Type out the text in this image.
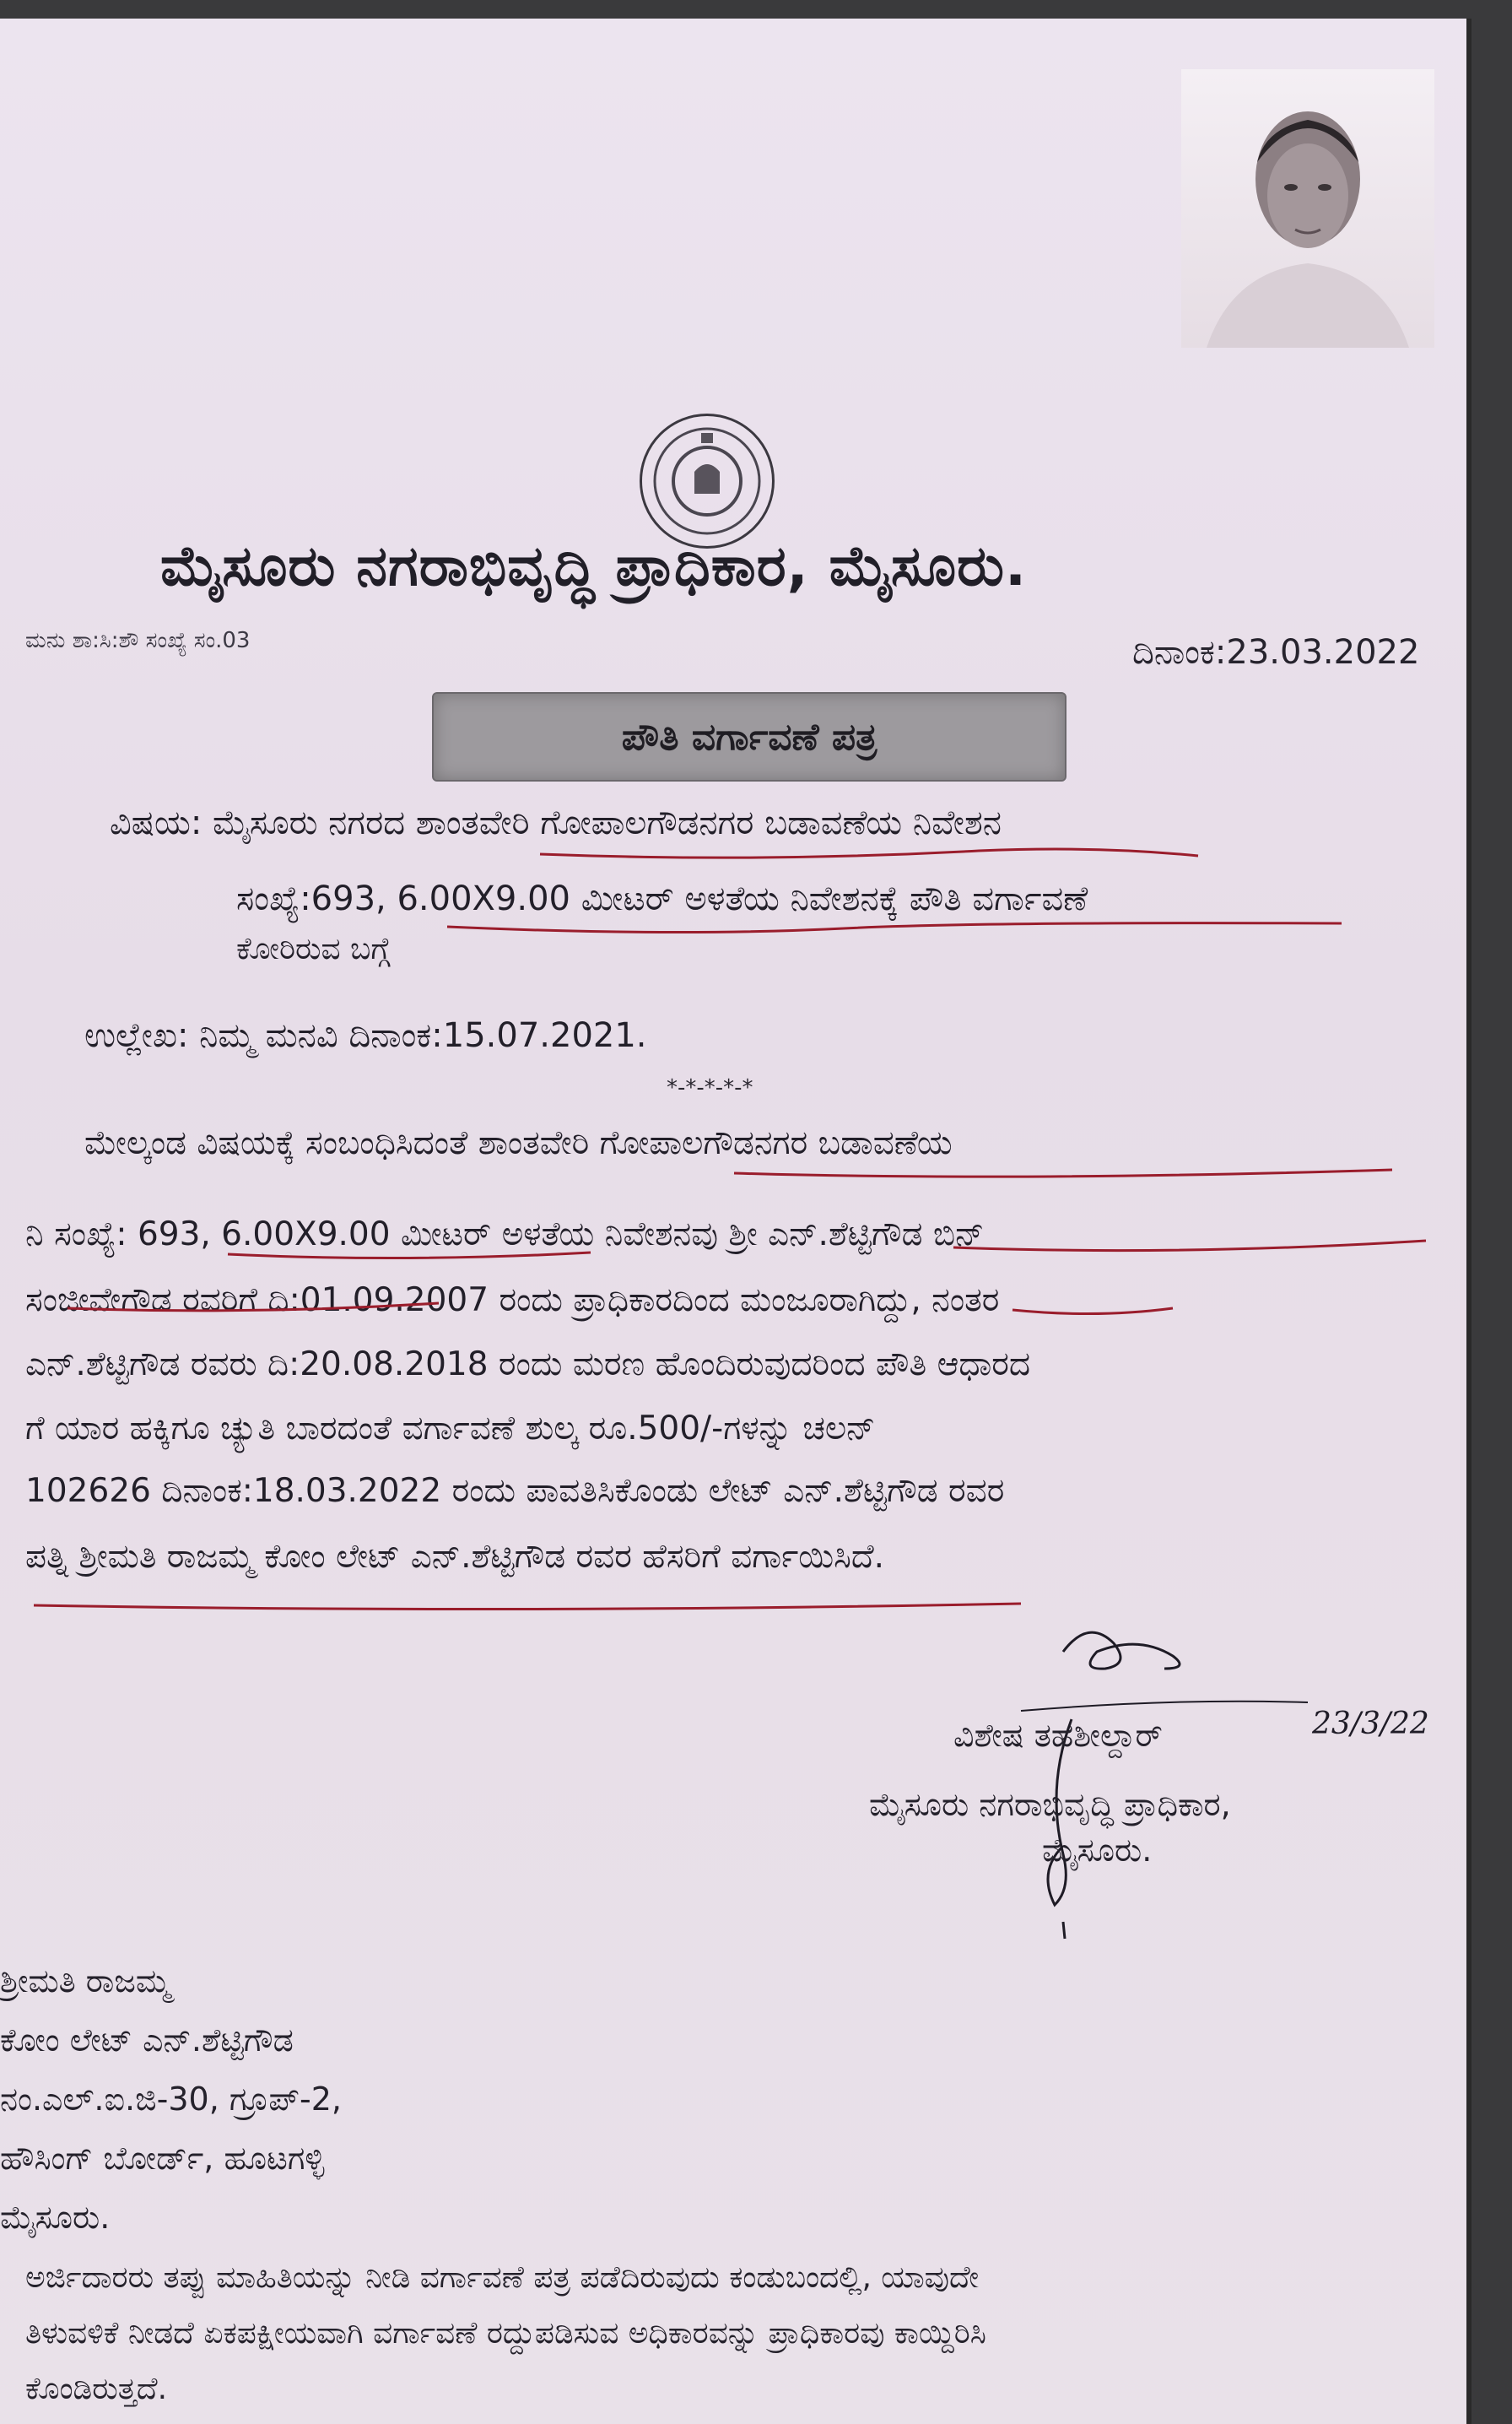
ಮೈಸೂರು ನಗರಾಭಿವೃದ್ಧಿ ಪ್ರಾಧಿಕಾರ, ಮೈಸೂರು.
ಮನು ಶಾ:ಸಿ:ಶೌ ಸಂಖ್ಯೆ ಸಂ.03	ದಿನಾಂಕ:23.03.2022
ಪೌತಿ ವರ್ಗಾವಣೆ ಪತ್ರ
ವಿಷಯ: ಮೈಸೂರು ನಗರದ ಶಾಂತವೇರಿ ಗೋಪಾಲಗೌಡನಗರ ಬಡಾವಣೆಯ ನಿವೇಶನ
ಸಂಖ್ಯೆ:693, 6.00X9.00 ಮೀಟರ್ ಅಳತೆಯ ನಿವೇಶನಕ್ಕೆ ಪೌತಿ ವರ್ಗಾವಣೆ
ಕೋರಿರುವ ಬಗ್ಗೆ
ಉಲ್ಲೇಖ: ನಿಮ್ಮ ಮನವಿ ದಿನಾಂಕ:15.07.2021.
*-*-*-*-*
ಮೇಲ್ಕಂಡ ವಿಷಯಕ್ಕೆ ಸಂಬಂಧಿಸಿದಂತೆ ಶಾಂತವೇರಿ ಗೋಪಾಲಗೌಡನಗರ ಬಡಾವಣೆಯ
ನಿ ಸಂಖ್ಯೆ: 693, 6.00X9.00 ಮೀಟರ್ ಅಳತೆಯ ನಿವೇಶನವು ಶ್ರೀ ಎನ್.ಶೆಟ್ಟಿಗೌಡ ಬಿನ್
ಸಂಜೀವೇಗೌಡ ರವರಿಗೆ ದಿ:01.09.2007 ರಂದು ಪ್ರಾಧಿಕಾರದಿಂದ ಮಂಜೂರಾಗಿದ್ದು, ನಂತರ
ಎನ್.ಶೆಟ್ಟಿಗೌಡ ರವರು ದಿ:20.08.2018 ರಂದು ಮರಣ ಹೊಂದಿರುವುದರಿಂದ ಪೌತಿ ಆಧಾರದ
ಗೆ ಯಾರ ಹಕ್ಕಿಗೂ ಚ್ಯುತಿ ಬಾರದಂತೆ ವರ್ಗಾವಣೆ ಶುಲ್ಕ ರೂ.500/-ಗಳನ್ನು ಚಲನ್
102626 ದಿನಾಂಕ:18.03.2022 ರಂದು ಪಾವತಿಸಿಕೊಂಡು ಲೇಟ್ ಎನ್.ಶೆಟ್ಟಿಗೌಡ ರವರ
ಪತ್ನಿ ಶ್ರೀಮತಿ ರಾಜಮ್ಮ ಕೋಂ ಲೇಟ್ ಎನ್.ಶೆಟ್ಟಿಗೌಡ ರವರ ಹೆಸರಿಗೆ ವರ್ಗಾಯಿಸಿದೆ.
23/3/22
ವಿಶೇಷ ತಹಶೀಲ್ದಾರ್
ಮೈಸೂರು ನಗರಾಭಿವೃದ್ಧಿ ಪ್ರಾಧಿಕಾರ,
ಮೈಸೂರು.
ಶ್ರೀಮತಿ ರಾಜಮ್ಮ
ಕೋಂ ಲೇಟ್ ಎನ್.ಶೆಟ್ಟಿಗೌಡ
ನಂ.ಎಲ್.ಐ.ಜಿ-30, ಗ್ರೂಪ್-2,
ಹೌಸಿಂಗ್ ಬೋರ್ಡ್, ಹೂಟಗಳ್ಳಿ
ಮೈಸೂರು.
ಅರ್ಜಿದಾರರು ತಪ್ಪು ಮಾಹಿತಿಯನ್ನು ನೀಡಿ ವರ್ಗಾವಣೆ ಪತ್ರ ಪಡೆದಿರುವುದು ಕಂಡುಬಂದಲ್ಲಿ, ಯಾವುದೇ
ತಿಳುವಳಿಕೆ ನೀಡದೆ ಏಕಪಕ್ಷೀಯವಾಗಿ ವರ್ಗಾವಣೆ ರದ್ದುಪಡಿಸುವ ಅಧಿಕಾರವನ್ನು ಪ್ರಾಧಿಕಾರವು ಕಾಯ್ದಿರಿಸಿ
ಕೊಂಡಿರುತ್ತದೆ.
